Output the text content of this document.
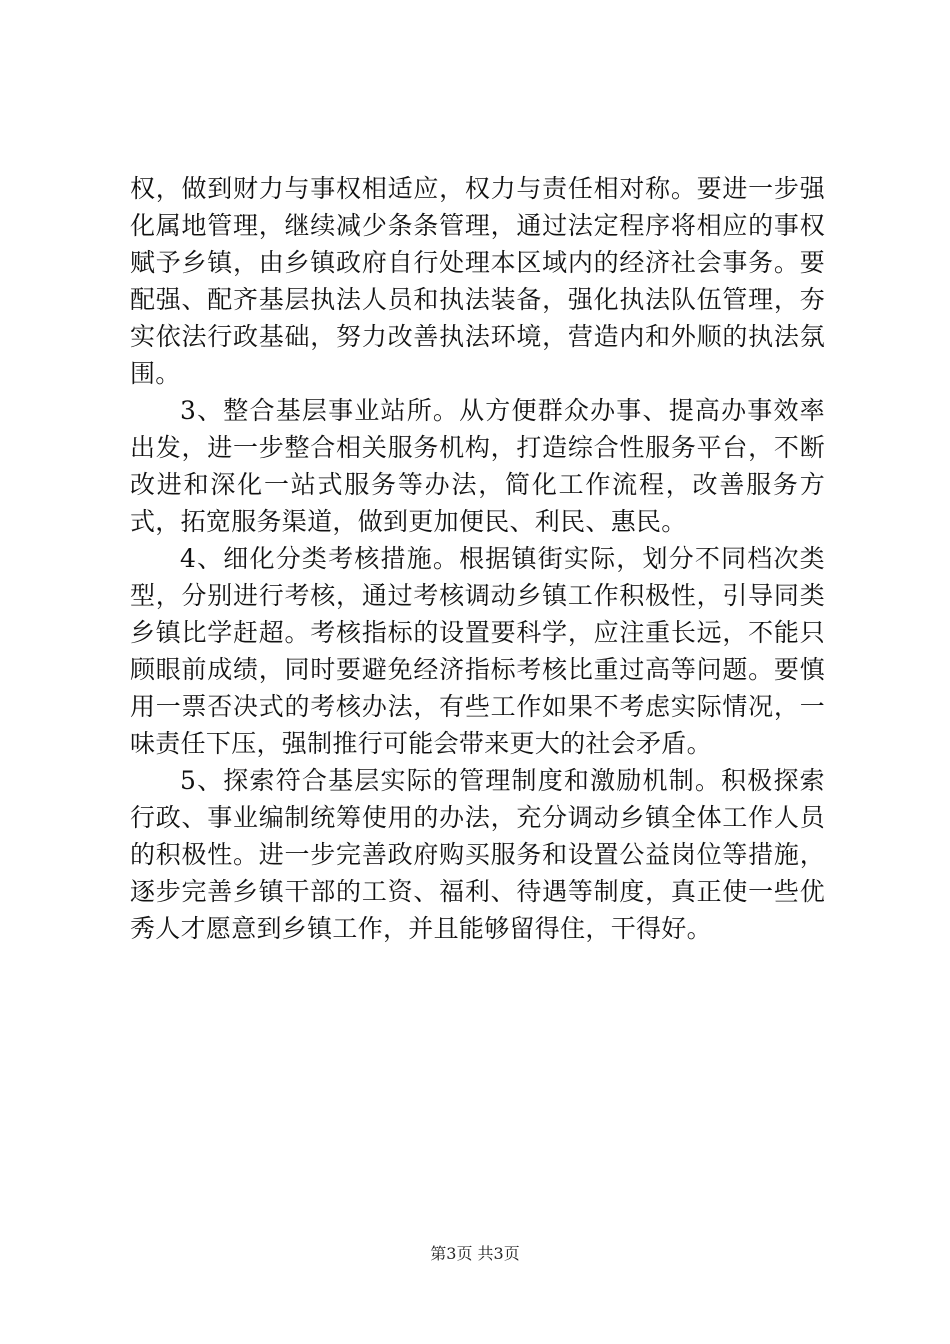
权，做到财力与事权相适应，权力与责任相对称。要进一步强化属地管理，继续减少条条管理，通过法定程序将相应的事权赋予乡镇，由乡镇政府自行处理本区域内的经济社会事务。要配强、配齐基层执法人员和执法装备，强化执法队伍管理，夯实依法行政基础，努力改善执法环境，营造内和外顺的执法氛围。

3、整合基层事业站所。从方便群众办事、提高办事效率出发，进一步整合相关服务机构，打造综合性服务平台，不断改进和深化一站式服务等办法，简化工作流程，改善服务方式，拓宽服务渠道，做到更加便民、利民、惠民。

4、细化分类考核措施。根据镇街实际，划分不同档次类型，分别进行考核，通过考核调动乡镇工作积极性，引导同类乡镇比学赶超。考核指标的设置要科学，应注重长远，不能只顾眼前成绩，同时要避免经济指标考核比重过高等问题。要慎用一票否决式的考核办法，有些工作如果不考虑实际情况，一味责任下压，强制推行可能会带来更大的社会矛盾。

5、探索符合基层实际的管理制度和激励机制。积极探索行政、事业编制统筹使用的办法，充分调动乡镇全体工作人员的积极性。进一步完善政府购买服务和设置公益岗位等措施，逐步完善乡镇干部的工资、福利、待遇等制度，真正使一些优秀人才愿意到乡镇工作，并且能够留得住，干得好。

第3页 共3页
